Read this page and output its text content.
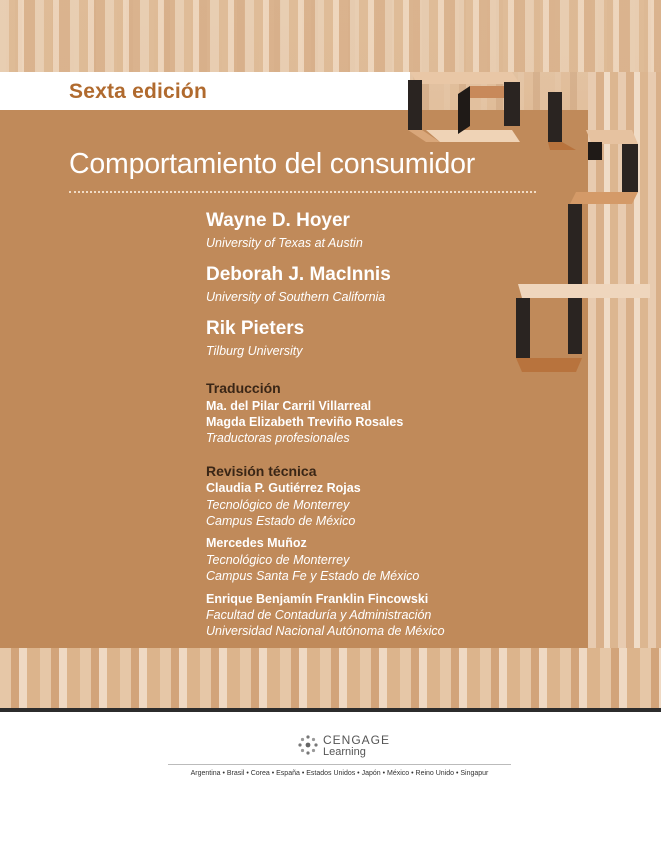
Sexta edición
Comportamiento del consumidor
Wayne D. Hoyer
University of Texas at Austin
Deborah J. MacInnis
University of Southern California
Rik Pieters
Tilburg University
Traducción
Ma. del Pilar Carril Villarreal
Magda Elizabeth Treviño Rosales
Traductoras profesionales
Revisión técnica
Claudia P. Gutiérrez Rojas
Tecnológico de Monterrey
Campus Estado de México
Mercedes Muñoz
Tecnológico de Monterrey
Campus Santa Fe y Estado de México
Enrique Benjamín Franklin Fincowski
Facultad de Contaduría y Administración
Universidad Nacional Autónoma de México
CENGAGE
Learning
Argentina • Brasil • Corea • España • Estados Unidos • Japón • México • Reino Unido • Singapur
